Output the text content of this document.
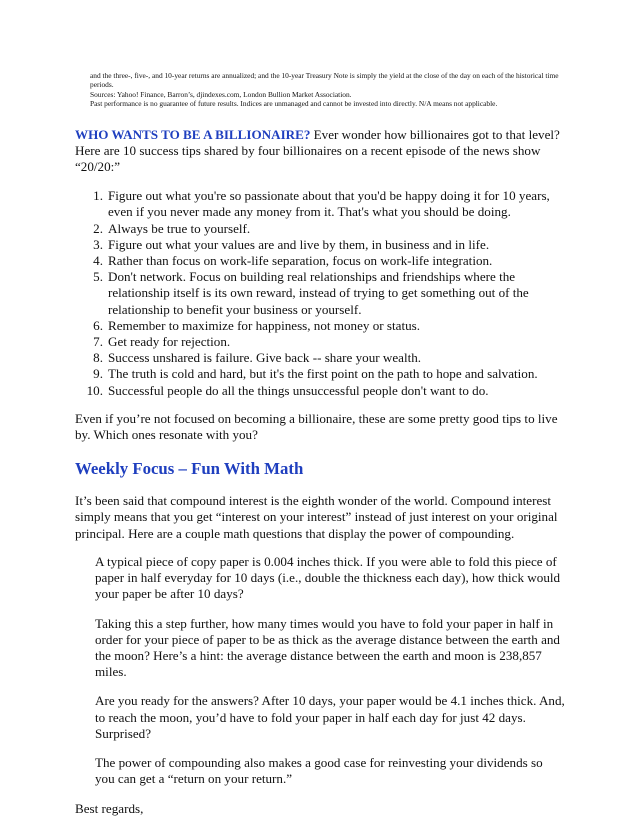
and the three-, five-, and 10-year returns are annualized; and the 10-year Treasury Note is simply the yield at the close of the day on each of the historical time periods.

Sources: Yahoo! Finance, Barron’s, djindexes.com, London Bullion Market Association.

Past performance is no guarantee of future results. Indices are unmanaged and cannot be invested into directly. N/A means not applicable.

WHO WANTS TO BE A BILLIONAIRE? Ever wonder how billionaires got to that level? Here are 10 success tips shared by four billionaires on a recent episode of the news show “20/20:”

1. Figure out what you're so passionate about that you'd be happy doing it for 10 years, even if you never made any money from it. That's what you should be doing.
2. Always be true to yourself.
3. Figure out what your values are and live by them, in business and in life.
4. Rather than focus on work-life separation, focus on work-life integration.
5. Don't network. Focus on building real relationships and friendships where the relationship itself is its own reward, instead of trying to get something out of the relationship to benefit your business or yourself.
6. Remember to maximize for happiness, not money or status.
7. Get ready for rejection.
8. Success unshared is failure. Give back -- share your wealth.
9. The truth is cold and hard, but it's the first point on the path to hope and salvation.
10. Successful people do all the things unsuccessful people don't want to do.

Even if you’re not focused on becoming a billionaire, these are some pretty good tips to live by. Which ones resonate with you?

Weekly Focus – Fun With Math

It’s been said that compound interest is the eighth wonder of the world. Compound interest simply means that you get “interest on your interest” instead of just interest on your original principal. Here are a couple math questions that display the power of compounding.

A typical piece of copy paper is 0.004 inches thick. If you were able to fold this piece of paper in half everyday for 10 days (i.e., double the thickness each day), how thick would your paper be after 10 days?

Taking this a step further, how many times would you have to fold your paper in half in order for your piece of paper to be as thick as the average distance between the earth and the moon? Here’s a hint: the average distance between the earth and moon is 238,857 miles.

Are you ready for the answers? After 10 days, your paper would be 4.1 inches thick. And, to reach the moon, you’d have to fold your paper in half each day for just 42 days. Surprised?

The power of compounding also makes a good case for reinvesting your dividends so you can get a “return on your return.”

Best regards,
